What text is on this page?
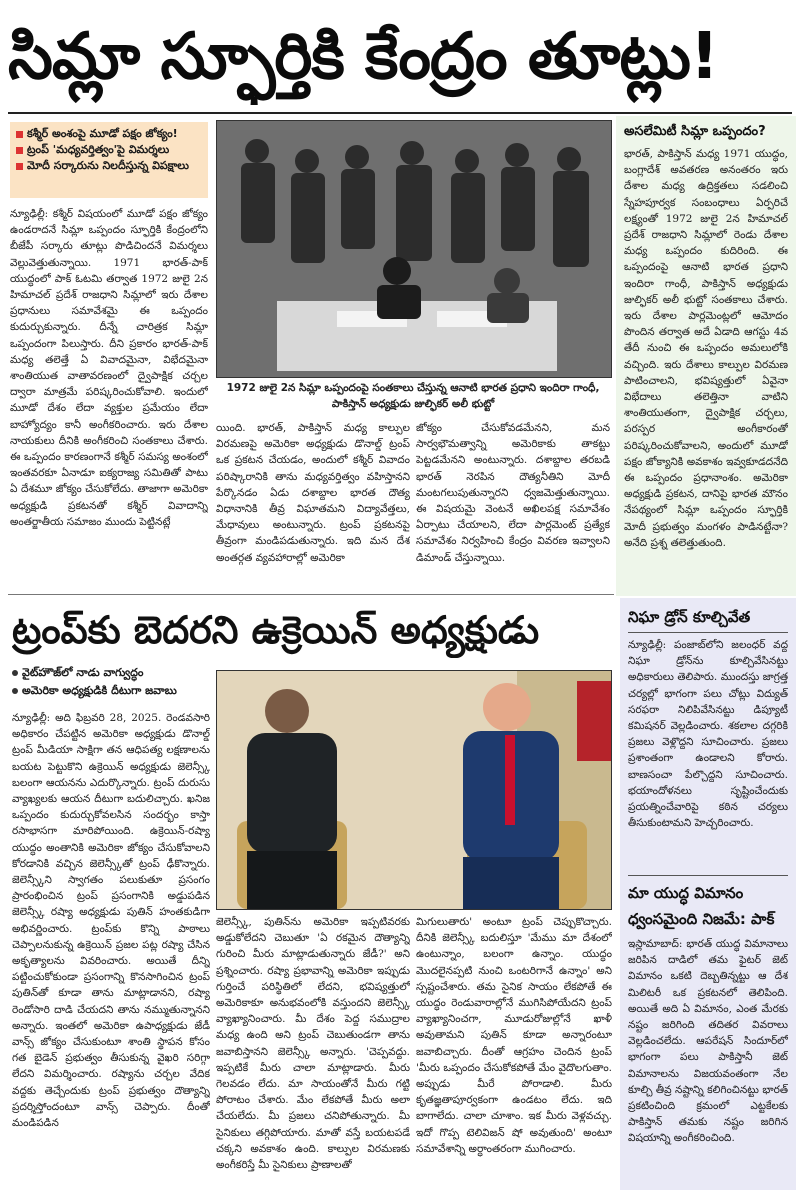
సిమ్లా స్ఫూర్తికి కేంద్రం తూట్లు!
కశ్మీర్ అంశంపై మూడో పక్షం జోక్యం!
ట్రంప్ 'మధ్యవర్తిత్వం'పై విమర్శలు
మోదీ సర్కారును నిలదీస్తున్న విపక్షాలు
న్యూఢిల్లీ: కశ్మీర్ విషయంలో మూడో పక్షం జోక్యం ఉండరాదనే సిమ్లా ఒప్పందం స్ఫూర్తికి కేంద్రంలోని బీజేపీ సర్కారు తూట్లు పొడిచిందనే విమర్శలు వెల్లువెత్తుతున్నాయి. 1971 భారత్-పాక్ యుద్ధంలో పాక్ ఓటమి తర్వాత 1972 జులై 2న హిమాచల్ ప్రదేశ్ రాజధాని సిమ్లాలో ఇరు దేశాల ప్రధానులు సమావేశమై ఈ ఒప్పందం కుదుర్చుకున్నారు. దీన్నే చారిత్రక సిమ్లా ఒప్పందంగా పిలుస్తారు. దీని ప్రకారం భారత్-పాక్ మధ్య తలెత్తే ఏ వివాదమైనా, విభేదమైనా శాంతియుత వాతావరణంలో ద్వైపాక్షిక చర్చల ద్వారా మాత్రమే పరిష్కరించుకోవాలి. ఇందులో మూడో దేశం లేదా వ్యక్తుల ప్రమేయం లేదా బాహ్యోద్యం కానీ అంగీకరించారు. ఇరు దేశాల నాయకులు దీనికి అంగీకరించి సంతకాలు చేశారు. ఈ ఒప్పందం కారణంగానే కశ్మీర్ సమస్య అంశంలో ఇంతవరకూ ఏనాడూ ఐక్యరాజ్య సమితితో పాటు ఏ దేశమూ జోక్యం చేసుకోలేదు. తాజాగా అమెరికా అధ్యక్షుడి ప్రకటనతో కశ్మీర్ వివాదాన్ని అంతర్జాతీయ సమాజం ముందు పెట్టినట్లే
1972 జులై 2న సిమ్లా ఒప్పందంపై సంతకాలు చేస్తున్న ఆనాటి భారత ప్రధాని ఇందిరా గాంధీ, పాకిస్తాన్ అధ్యక్షుడు జుల్ఫికర్ అలీ భుట్టో
యింది. భారత్, పాకిస్తాన్ మధ్య కాల్పుల విరమణపై అమెరికా అధ్యక్షుడు డొనాల్డ్ ట్రంప్ ఒక ప్రకటన చేయడం, అందులో కశ్మీర్ వివాదం పరిష్కారానికి తాను మధ్యవర్తిత్వం వహిస్తానని పేర్కొనడం ఏడు దశాబ్దాల భారత దౌత్య విధానానికి తీవ్ర విఘాతమని విద్యావేత్తలు, మేధావులు అంటున్నారు. ట్రంప్ ప్రకటనపై తీవ్రంగా మండిపడుతున్నారు. ఇది మన దేశ అంతర్గత వ్యవహారాల్లో అమెరికా
జోక్యం చేసుకోవడమేనని, మన సార్వభౌమత్వాన్ని అమెరికాకు తాకట్టు పెట్టడమేనని అంటున్నారు. దశాబ్దాల తరబడి భారత్ నెరపిన దౌత్యనీతిని మోదీ మంటగలుపుతున్నారని ధ్వజమెత్తుతున్నాయి. ఈ విషయమై వెంటనే అఖిలపక్ష సమావేశం ఏర్పాటు చేయాలని, లేదా పార్లమెంట్ ప్రత్యేక సమావేశం నిర్వహించి కేంద్రం వివరణ ఇవ్వాలని డిమాండ్ చేస్తున్నాయి.
అసలేమిటీ సిమ్లా ఒప్పందం?
భారత్, పాకిస్తాన్ మధ్య 1971 యుద్ధం, బంగ్లాదేశ్ అవతరణ అనంతరం ఇరు దేశాల మధ్య ఉద్రిక్తతలు సడలించి స్నేహపూర్వక సంబంధాలు ఏర్పరిచే లక్ష్యంతో 1972 జులై 2న హిమాచల్ ప్రదేశ్ రాజధాని సిమ్లాలో రెండు దేశాల మధ్య ఒప్పందం కుదిరింది. ఈ ఒప్పందంపై ఆనాటి భారత ప్రధాని ఇందిరా గాంధీ, పాకిస్తాన్ అధ్యక్షుడు జుల్ఫికర్ అలీ భుట్టో సంతకాలు చేశారు. ఇరు దేశాల పార్లమెంట్లలో ఆమోదం పొందిన తర్వాత అదే ఏడాది ఆగస్టు 4వ తేదీ నుంచి ఈ ఒప్పందం అమలులోకి వచ్చింది. ఇరు దేశాలు కాల్పుల విరమణ పాటించాలని, భవిష్యత్తులో ఏవైనా విభేదాలు తలెత్తినా వాటిని శాంతియుతంగా, ద్వైపాక్షిక చర్చలు, పరస్పర అంగీకారంతో పరిష్కరించుకోవాలని, అందులో మూడో పక్షం జోక్యానికి అవకాశం ఇవ్వకూడదనేది ఈ ఒప్పందం ప్రధానాంశం. అమెరికా అధ్యక్షుడి ప్రకటన, దానిపై భారత మౌనం నేపథ్యంలో సిమ్లా ఒప్పందం స్ఫూర్తికి మోదీ ప్రభుత్వం మంగళం పాడినట్టేనా? అనేది ప్రశ్న తలెత్తుతుంది.
ట్రంప్‌కు బెదరని ఉక్రెయిన్ అధ్యక్షుడు
వైట్‌హౌజ్‌లో నాడు వాగ్వుద్ధం
అమెరికా అధ్యక్షుడికి దీటుగా జవాబు
న్యూఢిల్లీ: అది ఫిబ్రవరి 28, 2025. రెండవసారి అధికారం చేపట్టిన అమెరికా అధ్యక్షుడు డొనాల్డ్ ట్రంప్ మీడియా సాక్షిగా తన ఆధిపత్య లక్షణాలను బయట పెట్టుకొని ఉక్రెయిన్ అధ్యక్షుడు జెలెన్స్కీ బలంగా ఆయనను ఎదుర్కొన్నారు. ట్రంప్ దురుసు వ్యాఖ్యలకు ఆయన దీటుగా బదులిచ్చారు. ఖనిజ ఒప్పందం కుదుర్చుకోవలసిన సందర్భం కాస్తా రసాభాసగా మారిపోయింది. ఉక్రెయిన్-రష్యా యుద్ధం అంతానికి అమెరికా జోక్యం చేసుకోవాలని కోరడానికి వచ్చిన జెలెన్స్కీతో ట్రంప్ ఢీకొన్నారు. జెలెన్స్కీని స్వాగతం పలుకుతూ ప్రసంగం ప్రారంభించిన ట్రంప్ ప్రసంగానికి అడ్డుపడిన జెలెన్స్కీ రష్యా అధ్యక్షుడు పుతిన్ హంతకుడిగా అభివర్ణించారు. ట్రంప్‌కు కొన్ని పాఠాలు చెప్పాలనుకున్న ఉక్రెయిన్ ప్రజల పట్ల రష్యా చేసిన అకృత్యాలను వివరించారు. అయితే దీన్ని పట్టించుకోకుండా ప్రసంగాన్ని కొనసాగించిన ట్రంప్ పుతిన్‌తో కూడా తాను మాట్లాడానని, రష్యా రెండోసారి దాడి చేయదని తాను నమ్ముతున్నానని అన్నారు. ఇంతలో అమెరికా ఉపాధ్యక్షుడు జేడీ వాన్స్ జోక్యం చేసుకుంటూ శాంతి స్థాపన కోసం గత బైడెన్ ప్రభుత్వం తీసుకున్న వైఖరి సరిగ్గా లేదని విమర్శించారు. రష్యాను చర్చల వేదిక వద్దకు తెచ్చేందుకు ట్రంప్ ప్రభుత్వం దౌత్యాన్ని ప్రదర్శిస్తోందంటూ వాన్స్ చెప్పారు. దీంతో మండిపడిన
జెలెన్స్కీ, పుతిన్‌ను అమెరికా ఇప్పటివరకు అడ్డుకోలేదని చెబుతూ 'ఏ రకమైన దౌత్యాన్ని గురించి మీరు మాట్లాడుతున్నారు జేడీ?' అని ప్రశ్నించారు. రష్యా ప్రభావాన్ని అమెరికా ఇప్పుడు గుర్తించే పరిస్థితిలో లేదని, భవిష్యత్తులో అమెరికాకూ అనుభవంలోకి వస్తుందని జెలెన్స్కీ వ్యాఖ్యానించారు. మీ దేశం పెద్ద సముద్రాల మధ్య ఉంది అని ట్రంప్ చెబుతుండగా తాను జవాబిస్తానని జెలెన్స్కీ అన్నారు. 'చెప్పవద్దు. ఇప్పటికే మీరు చాలా మాట్లాడారు. మీరు గెలవడం లేదు. మా సాయంతోనే మీరు గట్టి పోరాటం చేశారు. మేం లేకపోతే మీరు అలా చేయలేదు. మీ ప్రజలు చనిపోతున్నారు. మీ సైనికులు తగ్గిపోయారు. మాతో వస్తే బయటపడే చక్కని అవకాశం ఉంది. కాల్పుల విరమణకు అంగీకరిస్తే మీ సైనికులు ప్రాణాలతో
మిగులుతారు' అంటూ ట్రంప్ చెప్పుకొచ్చారు. దీనికి జెలెన్స్కీ బదులిస్తూ 'మేము మా దేశంలో ఉంటున్నాం, బలంగా ఉన్నాం. యుద్ధం మొదలైనప్పటి నుంచి ఒంటరిగానే ఉన్నాం' అని స్పష్టంచేశారు. తమ సైనిక సాయం లేకపోతే ఈ యుద్ధం రెండువారాల్లోనే ముగిసిపోయేదని ట్రంప్ వ్యాఖ్యానించగా, మూడురోజుల్లోనే ఖాళీ అవుతామని పుతిన్ కూడా అన్నారంటూ జవాబిచ్చారు. దీంతో ఆగ్రహం చెందిన ట్రంప్ 'మీరు ఒప్పందం చేసుకోకపోతే మేం వైదొలగుతాం. అప్పుడు మీరే పోరాడాలి. మీరు కృతజ్ఞతాపూర్వకంగా ఉండటం లేదు. ఇది బాగాలేదు. చాలా చూశాం. ఇక మీరు వెళ్లవచ్చు. ఇదో గొప్ప టెలివిజన్ షో అవుతుంది' అంటూ సమావేశాన్ని అర్ధాంతరంగా ముగించారు.
నిఘా డ్రోన్ కూల్చివేత
న్యూఢిల్లీ: పంజాబ్‌లోని జలంధర్ వద్ద నిఘా డ్రోన్‌ను కూల్చివేసినట్టు అధికారులు తెలిపారు. ముందస్తు జాగ్రత్త చర్యల్లో భాగంగా పలు చోట్లు విద్యుత్ సరఫరా నిలిపివేసినట్టు డిప్యూటీ కమిషనర్ వెల్లడించారు. శకలాల దగ్గరికి ప్రజలు వెళ్లొద్దని సూచించారు. ప్రజలు ప్రశాంతంగా ఉండాలని కోరారు. బాణసంచా పేల్చొద్దని సూచించారు. భయాందోళనలు సృష్టించేందుకు ప్రయత్నించేవారిపై కఠిన చర్యలు తీసుకుంటామని హెచ్చరించారు.
మా యుద్ధ విమానం ధ్వంసమైంది నిజమే: పాక్
ఇస్లామాబాద్: భారత్ యుద్ధ విమానాలు జరిపిన దాడిలో తమ ఫైటర్ జెట్ విమానం ఒకటి దెబ్బతిన్నట్టు ఆ దేశ మిలిటరీ ఒక ప్రకటనలో తెలిపింది. అయితే అది ఏ విమానం, ఎంత మేరకు నష్టం జరిగింది తదితర వివరాలు వెల్లడించలేదు. ఆపరేషన్ సిందూర్‌లో భాగంగా పలు పాకిస్తానీ జెట్ విమానాలను విజయవంతంగా నేల కూల్చి తీవ్ర నష్టాన్ని కలిగించినట్టు భారత్ ప్రకటించింది క్రమంలో ఎట్టకేలకు పాకిస్తాన్ తమకు నష్టం జరిగిన విషయాన్ని అంగీకరించింది.
